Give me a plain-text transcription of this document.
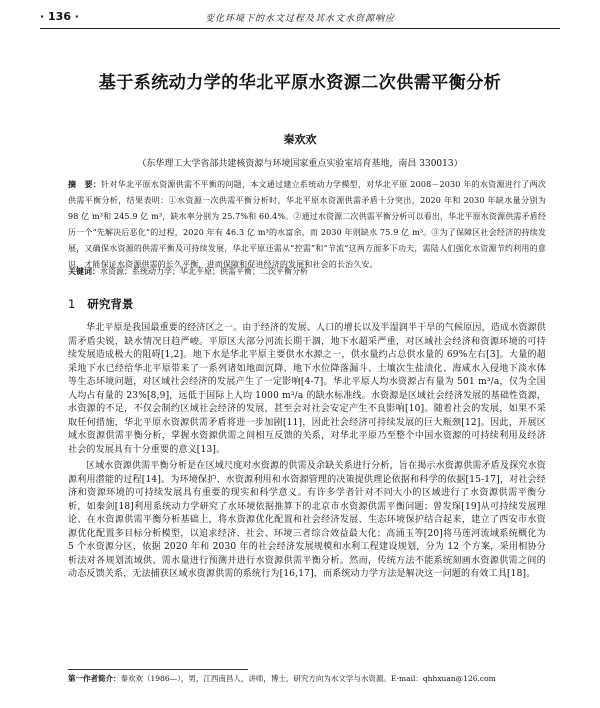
· 136 ·	变化环境下的水文过程及其水文水资源响应
基于系统动力学的华北平原水资源二次供需平衡分析
秦欢欢
（东华理工大学省部共建核资源与环境国家重点实验室培育基地，南昌 330013）
摘　要：针对华北平原水资源供需不平衡的问题，本文通过建立系统动力学模型，对华北平原 2008－2030 年的水资源进行了两次供需平衡分析，结果表明：①水资源一次供需平衡分析时，华北平原水资源供需矛盾十分突出，2020 年和 2030 年缺水量分别为 98 亿 m³和 245.9 亿 m³，缺水率分别为 25.7%和 60.4%。②通过水资源二次供需平衡分析可以看出，华北平原水资源供需矛盾经历一个“先解决后恶化”的过程，2020 年有 46.3 亿 m³的水富余，而 2030 年则缺水 75.9 亿 m³。③为了保障区社会经济的持续发展，又确保水资源的供需平衡及可持续发展，华北平原还需从“控需”和“节流”这两方面多下功夫，需陆人们强化水资源节约利用的意识，才能保证水资源供需的长久平衡，进而保障和促进经济的发展和社会的长治久安。
关键词：水资源；系统动力学；华北平原；供需平衡；二次平衡分析
1 研究背景

华北平原是我国最重要的经济区之一。由于经济的发展、人口的增长以及半湿润半干旱的气候原因，造成水资源供需矛盾尖锐，缺水情况日趋严峻。平原区大部分河流长期干涸，地下水超采严重，对区域社会经济和资源环境的可持续发展造成极大的阻碍[1,2]。地下水是华北平原主要供水水源之一，供水量约占总供水量的 69%左右[3]。大量的超采地下水已经给华北平原带来了一系列诸如地面沉降、地下水位降落漏斗、土壤次生盐渍化、海咸水入侵地下淡水体等生态环境问题，对区域社会经济的发展产生了一定影响[4-7]。华北平原人均水资源占有量为 501 m³/a，仅为全国人均占有量的 23%[8,9]，远低于国际上人均 1000 m³/a 的缺水标准线。水资源是区域社会经济发展的基础性资源，水资源的不足，不仅会制约区域社会经济的发展，甚至会对社会安定产生不良影响[10]。随着社会的发展，如果不采取任何措施，华北平原水资源供需矛盾将进一步加剧[11]，因此社会经济可持续发展的巨大瓶颈[12]。因此，开展区域水资源供需平衡分析，掌握水资源供需之间相互反馈的关系，对华北平原乃至整个中国水资源的可持续利用及经济社会的发展具有十分重要的意义[13]。

区域水资源供需平衡分析是在区域尺度对水资源的供需及余缺关系进行分析，旨在揭示水资源供需矛盾及探究水资源利用潜能的过程[14]。为环境保护、水资源利用和水资源管理的决策提供理论依据和科学的依据[15-17]，对社会经济和资源环境的可持续发展具有重要的现实和科学意义。有许多学者针对不同大小的区域进行了水资源供需平衡分析，如秦剑[18]利用系统动力学研究了水环境依据推算下的北京市水资源供需平衡问题；曾发琛[19]从可持续发展理论、在水资源供需平衡分析基础上，将水资源优化配置和社会经济发展、生态环境保护结合起来，建立了西安市水资源优化配置多目标分析模型，以追求经济、社会、环境三者综合效益最大化；高涌玉等[20]将马莲河流域系统概化为 5 个水资源分区，依据 2020 年和 2030 年的社会经济发展规模和水利工程建设规划，分为 12 个方案，采用相协分析法对各规划流域供、需水量进行预测并进行水资源供需平衡分析。然而，传统方法不能系统刻画水资源供需之间的动态反馈关系，无法捕获区域水资源供需的系统行为[16,17]，而系统动力学方法是解决这一问题的有效工具[18]。

第一作者简介：秦欢欢（1986—），男，江西南昌人，讲师，博士，研究方向为水文学与水资源。E-mail：qhhxuan@126.com
